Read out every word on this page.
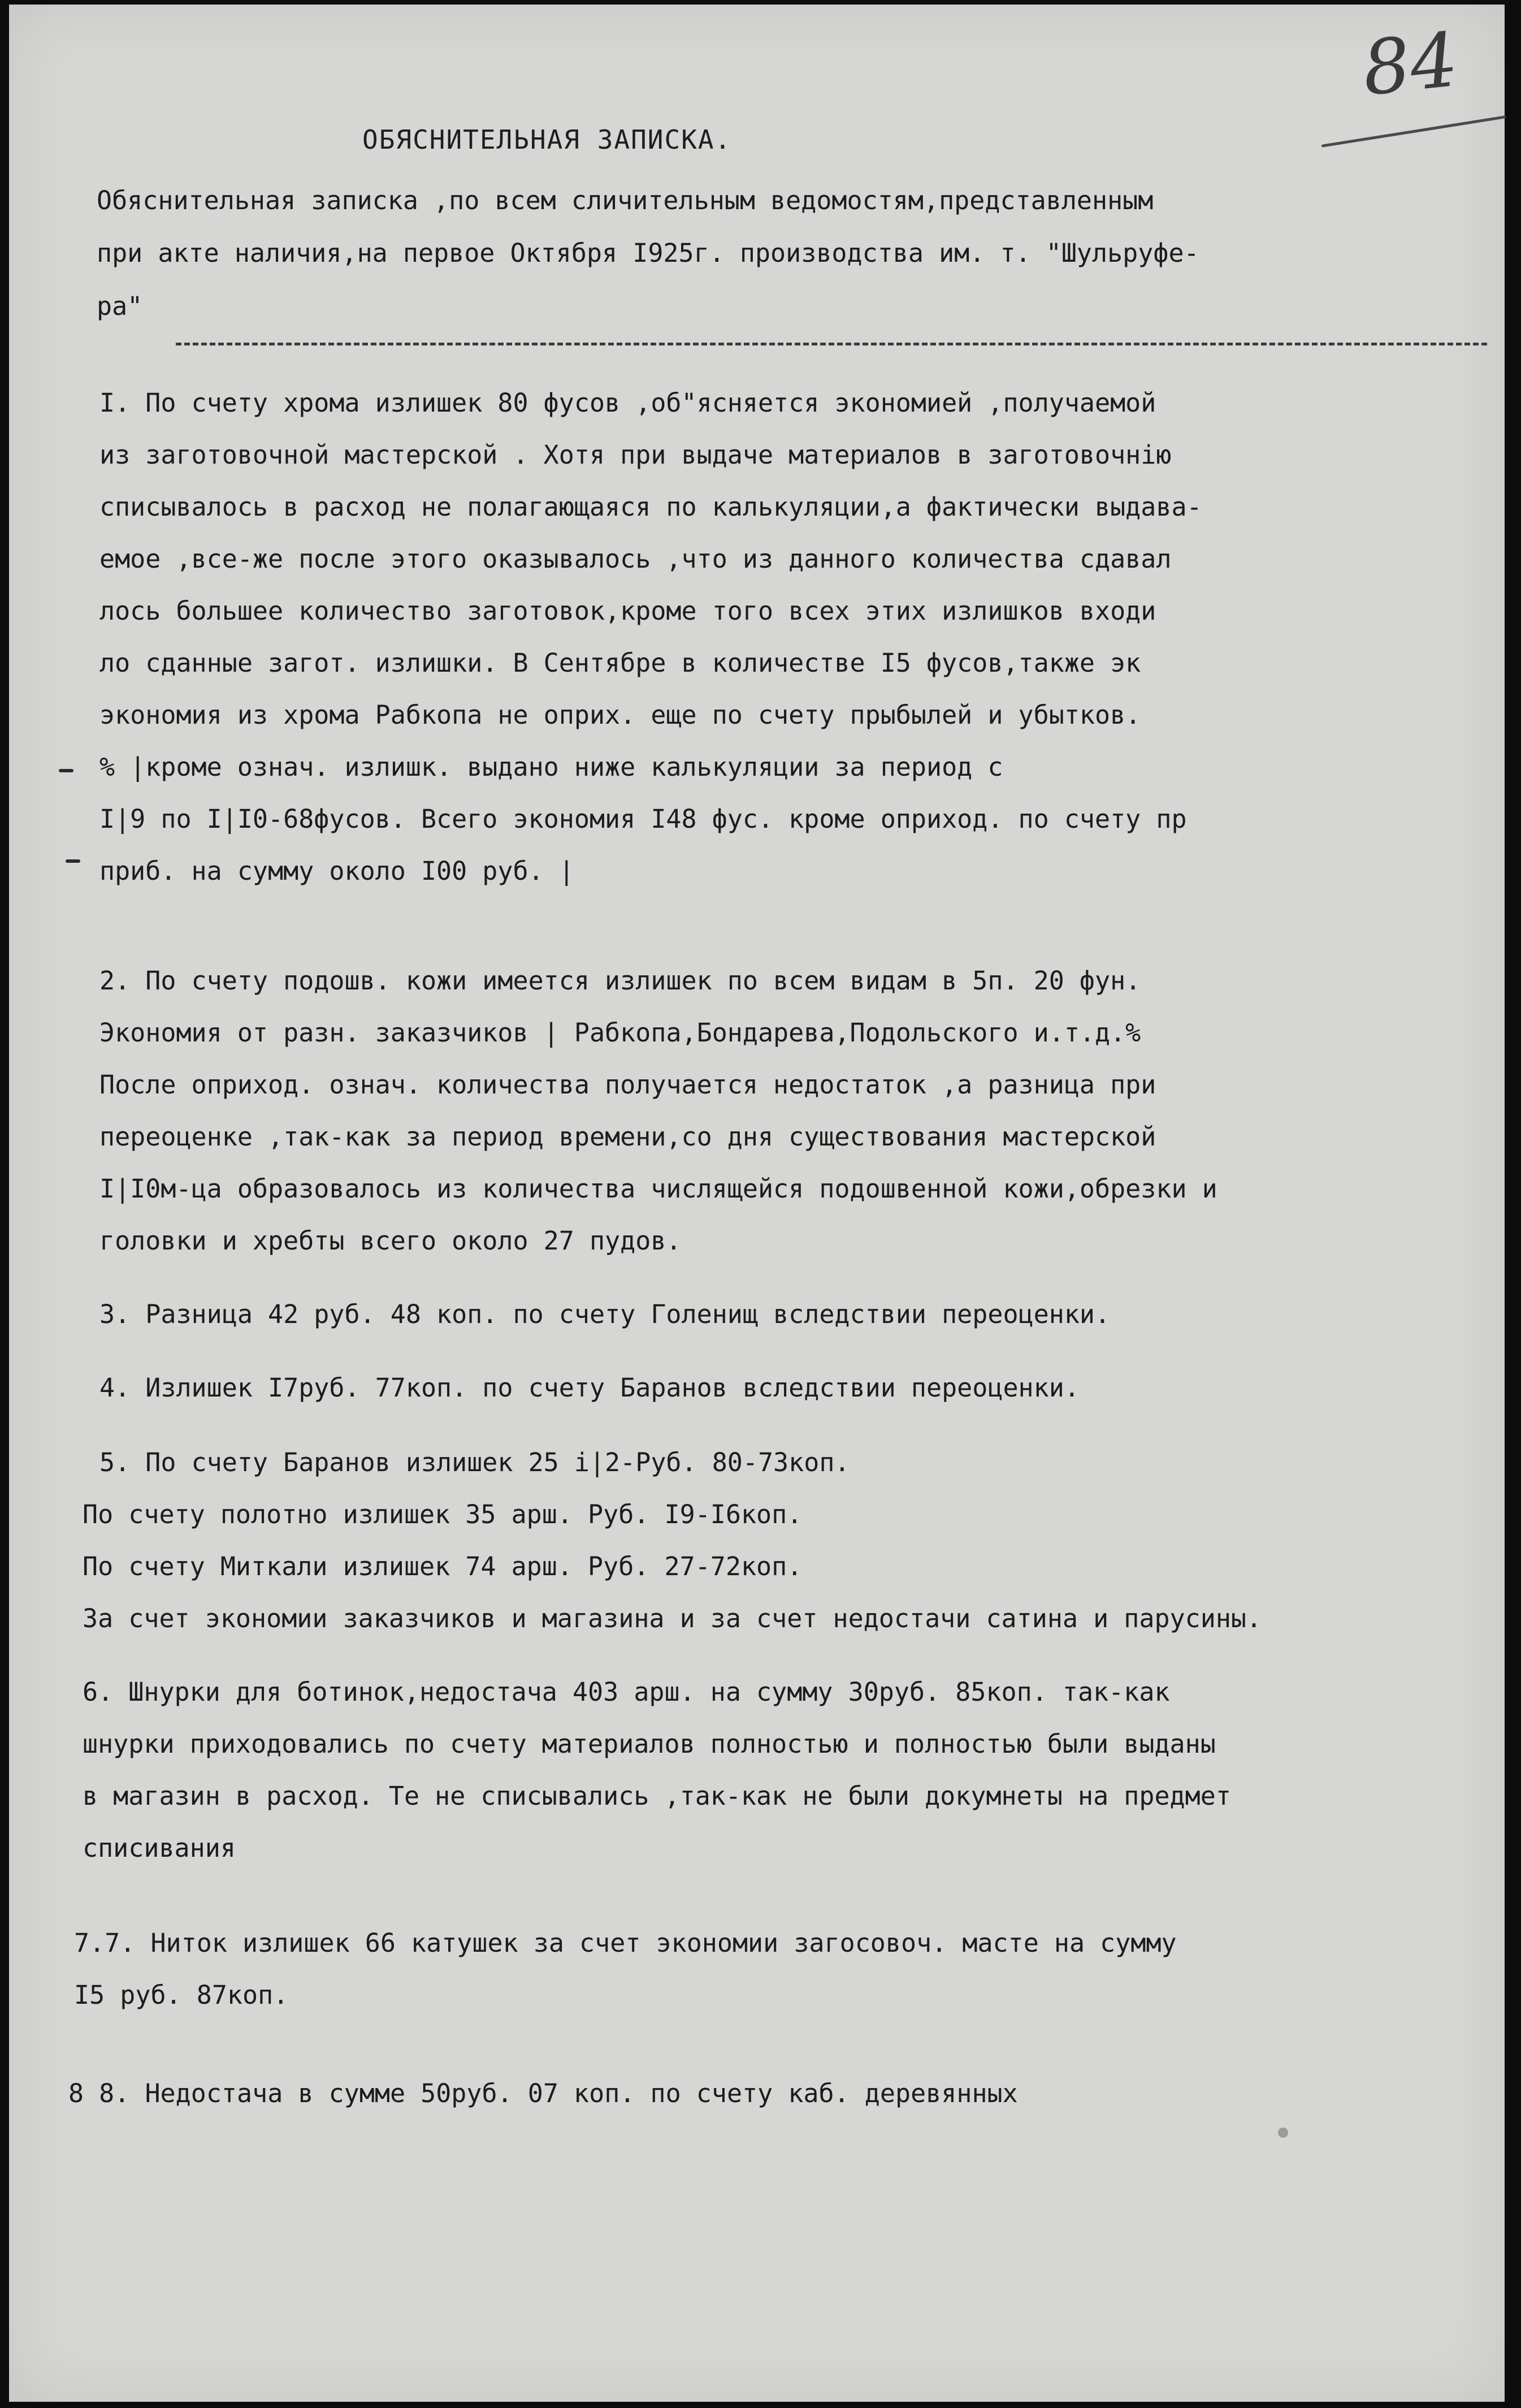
84
ОБЯСНИТЕЛЬНАЯ ЗАПИСКА.
Обяснительная записка ,по всем сличительным ведомостям,представленным
при акте наличия,на первое Октября I925г. производства им. т. "Шульруфе-
ра"
I. По счету хрома излишек 80 фусов ,об"ясняется экономией ,получаемой
из заготовочной мастерской . Хотя при выдаче материалов в заготовочнiю
списывалось в расход не полагающаяся по калькуляции,а фактически выдава-
емое ,все-же после этого оказывалось ,что из данного количества сдавал
лось большее количество заготовок,кроме того всех этих излишков входи
ло сданные загот. излишки. В Сентябре в количестве I5 фусов,также эк
экономия из хрома Рабкопа не оприх. еще по счету прыбылей и убытков.
% |кроме означ. излишк. выдано ниже калькуляции за период с
I|9 по I|I0-68фусов. Всего экономия I48 фус. кроме оприход. по счету пр
приб. на сумму около I00 руб. |
2. По счету подошв. кожи имеется излишек по всем видам в 5п. 20 фун.
Экономия от разн. заказчиков | Рабкопа,Бондарева,Подольского и.т.д.%
После оприход. означ. количества получается недостаток ,а разница при
переоценке ,так-как за период времени,со дня существования мастерской
I|I0м-ца образовалось из количества числящейся подошвенной кожи,обрезки и
головки и хребты всего около 27 пудов.
3. Разница 42 руб. 48 коп. по счету Голенищ вследствии переоценки.
4. Излишек I7руб. 77коп. по счету Баранов вследствии переоценки.
5. По счету Баранов излишек 25 i|2-Руб. 80-73коп.
По счету полотно излишек 35 арш. Руб. I9-I6коп.
По счету Миткали излишек 74 арш. Руб. 27-72коп.
За счет экономии заказчиков и магазина и за счет недостачи сатина и парусины.
6. Шнурки для ботинок,недостача 403 арш. на сумму 30руб. 85коп. так-как
шнурки приходовались по счету материалов полностью и полностью были выданы
в магазин в расход. Те не списывались ,так-как не были докумнеты на предмет
списивания
7.7. Ниток излишек 66 катушек за счет экономии загосовоч. масте на сумму
I5 руб. 87коп.
8 8. Недостача в сумме 50руб. 07 коп. по счету каб. деревянных
